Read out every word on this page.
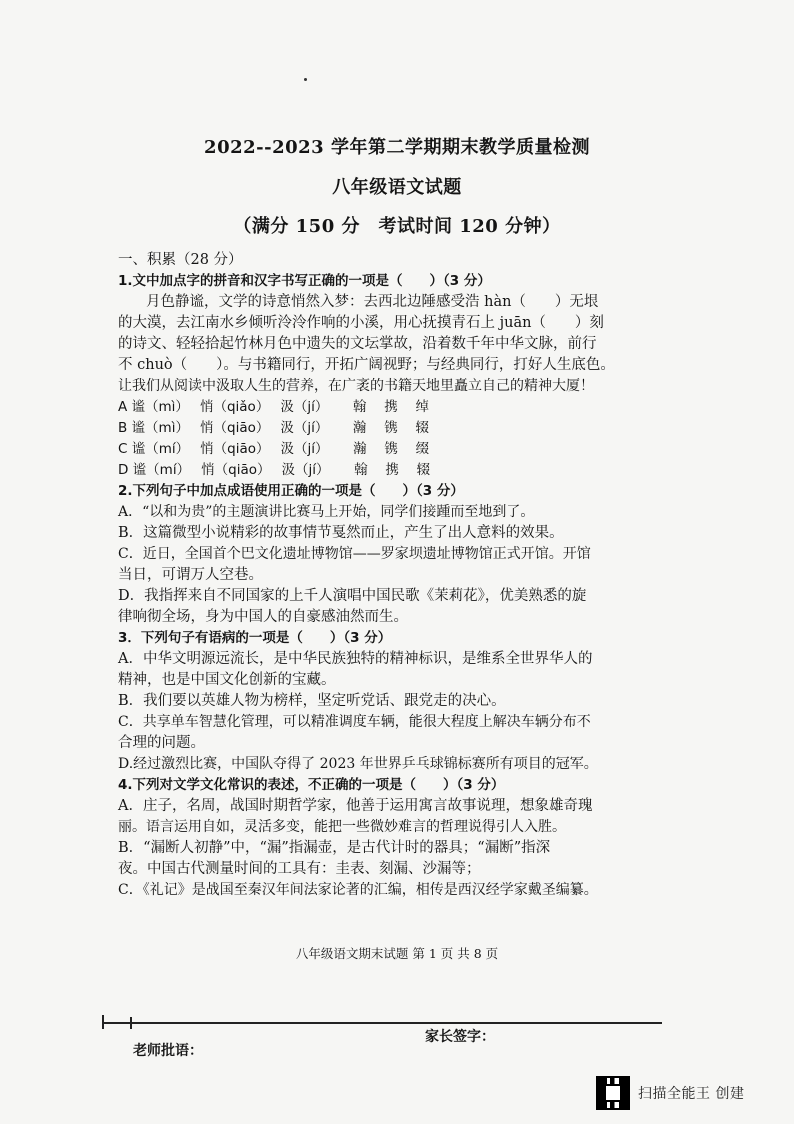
2022--2023 学年第二学期期末教学质量检测
八年级语文试题
（满分 150 分　考试时间 120 分钟）
一、积累（28 分）
1.文中加点字的拼音和汉字书写正确的一项是（　　）（3 分）
月色静谧，文学的诗意悄然入梦：去西北边陲感受浩 hàn（　　）无垠
的大漠，去江南水乡倾听泠泠作响的小溪，用心抚摸青石上 juān（　　）刻
的诗文、轻轻拾起竹林月色中遗失的文坛掌故，沿着数千年中华文脉，前行
不 chuò（　　）。与书籍同行，开拓广阔视野；与经典同行，打好人生底色。
让我们从阅读中汲取人生的营养，在广袤的书籍天地里矗立自己的精神大厦！
A 谧（mì）　 悄（qiǎo）　 汲（jí）　　 翰　 携　 绰
B 谧（mì）　 悄（qiāo）　 汲（jí）　　 瀚　 镌　 辍
C 谧（mí）　 悄（qiāo）　 汲（jí）　　 瀚　 镌　 缀
D 谧（mí）　 悄（qiāo）　 汲（jí）　　 翰　 携　 辍
2.下列句子中加点成语使用正确的一项是（　　）（3 分）
A．“以和为贵”的主题演讲比赛马上开始，同学们接踵而至地到了。
B．这篇微型小说精彩的故事情节戛然而止，产生了出人意料的效果。
C．近日，全国首个巴文化遗址博物馆——罗家坝遗址博物馆正式开馆。开馆
当日，可谓万人空巷。
D．我指挥来自不同国家的上千人演唱中国民歌《茉莉花》，优美熟悉的旋
律响彻全场，身为中国人的自豪感油然而生。
3．下列句子有语病的一项是（　　）（3 分）
A．中华文明源远流长，是中华民族独特的精神标识，是维系全世界华人的
精神，也是中国文化创新的宝藏。
B．我们要以英雄人物为榜样，坚定听党话、跟党走的决心。
C．共享单车智慧化管理，可以精准调度车辆，能很大程度上解决车辆分布不
合理的问题。
D.经过激烈比赛，中国队夺得了 2023 年世界乒乓球锦标赛所有项目的冠军。
4.下列对文学文化常识的表述，不正确的一项是（　　）（3 分）
A．庄子，名周，战国时期哲学家，他善于运用寓言故事说理，想象雄奇瑰
丽。语言运用自如，灵活多变，能把一些微妙难言的哲理说得引人入胜。
B．“漏断人初静”中，“漏”指漏壶，是古代计时的器具；“漏断”指深
夜。中国古代测量时间的工具有：圭表、刻漏、沙漏等；
C．《礼记》是战国至秦汉年间法家论著的汇编，相传是西汉经学家戴圣编纂。
八年级语文期末试题 第 1 页 共 8 页
家长签字：
老师批语：
扫描全能王 创建
